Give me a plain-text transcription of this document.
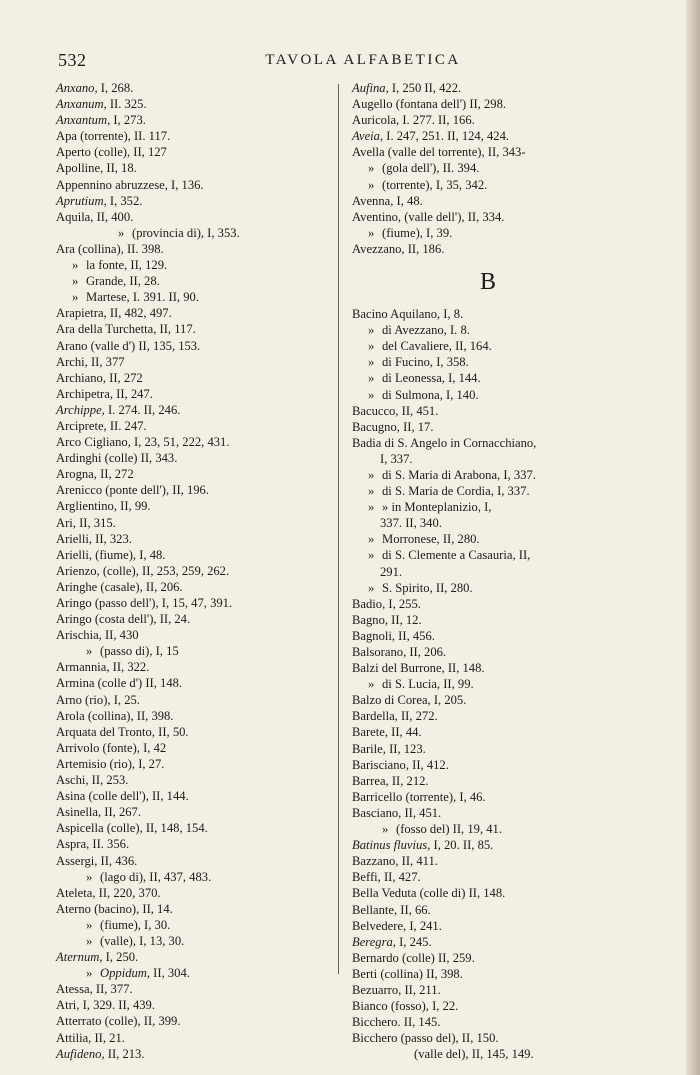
532	TAVOLA ALFABETICA
Anxano, I, 268.
Anxanum, II. 325.
Anxantum, I, 273.
Apa (torrente), II. 117.
Aperto (colle), II, 127
Apolline, II, 18.
Appennino abruzzese, I, 136.
Aprutium, I, 352.
Aquila, II, 400.
» (provincia di), I, 353.
Ara (collina), II. 398.
» la fonte, II, 129.
» Grande, II, 28.
» Martese, I. 391. II, 90.
Arapietra, II, 482, 497.
Ara della Turchetta, II, 117.
Arano (valle d') II, 135, 153.
Archi, II, 377
Archiano, II, 272
Archipetra, II, 247.
Archippe, I. 274. II, 246.
Arciprete, II. 247.
Arco Cigliano, I, 23, 51, 222, 431.
Ardinghi (colle) II, 343.
Arogna, II, 272
Arenicco (ponte dell'), II, 196.
Arglientino, II, 99.
Ari, II, 315.
Arielli, II, 323.
Arielli, (fiume), I, 48.
Arienzo, (colle), II, 253, 259, 262.
Aringhe (casale), II, 206.
Aringo (passo dell'), I, 15, 47, 391.
Aringo (costa dell'), II, 24.
Arischia, II, 430
» (passo di), I, 15
Armannia, II, 322.
Armina (colle d') II, 148.
Arno (rio), I, 25.
Arola (collina), II, 398.
Arquata del Tronto, II, 50.
Arrivolo (fonte), I, 42
Artemisio (rio), I, 27.
Aschi, II, 253.
Asina (colle dell'), II, 144.
Asinella, II, 267.
Aspicella (colle), II, 148, 154.
Aspra, II. 356.
Assergi, II, 436.
» (lago di), II, 437, 483.
Ateleta, II, 220, 370.
Aterno (bacino), II, 14.
» (fiume), I, 30.
» (valle), I, 13, 30.
Aternum, I, 250.
» Oppidum, II, 304.
Atessa, II, 377.
Atri, I, 329. II, 439.
Atterrato (colle), II, 399.
Attilia, II, 21.
Aufideno, II, 213.
Aufina, I, 250 II, 422.
Augello (fontana dell') II, 298.
Auricola, I. 277. II, 166.
Aveia, I. 247, 251. II, 124, 424.
Avella (valle del torrente), II, 343-
» (gola dell'), II. 394.
» (torrente), I, 35, 342.
Avenna, I, 48.
Aventino, (valle dell'), II, 334.
» (fiume), I, 39.
Avezzano, II, 186.
B
Bacino Aquilano, I, 8.
» di Avezzano, I. 8.
» del Cavaliere, II, 164.
» di Fucino, I, 358.
» di Leonessa, I, 144.
» di Sulmona, I, 140.
Bacucco, II, 451.
Bacugno, II, 17.
Badia di S. Angelo in Cornacchiano,
I, 337.
» di S. Maria di Arabona, I, 337.
» di S. Maria de Cordia, I, 337.
» » in Monteplanizio, I,
337. II, 340.
» Morronese, II, 280.
» di S. Clemente a Casauria, II,
291.
» S. Spirito, II, 280.
Badio, I, 255.
Bagno, II, 12.
Bagnoli, II, 456.
Balsorano, II, 206.
Balzi del Burrone, II, 148.
» di S. Lucia, II, 99.
Balzo di Corea, I, 205.
Bardella, II, 272.
Barete, II, 44.
Barile, II, 123.
Barisciano, II, 412.
Barrea, II, 212.
Barricello (torrente), I, 46.
Basciano, II, 451.
» (fosso del) II, 19, 41.
Batinus fluvius, I, 20. II, 85.
Bazzano, II, 411.
Beffi, II, 427.
Bella Veduta (colle di) II, 148.
Bellante, II, 66.
Belvedere, I, 241.
Beregra, I, 245.
Bernardo (colle) II, 259.
Berti (collina) II, 398.
Bezuarro, II, 211.
Bianco (fosso), I, 22.
Bicchero. II, 145.
Bicchero (passo del), II, 150.
(valle del), II, 145, 149.
